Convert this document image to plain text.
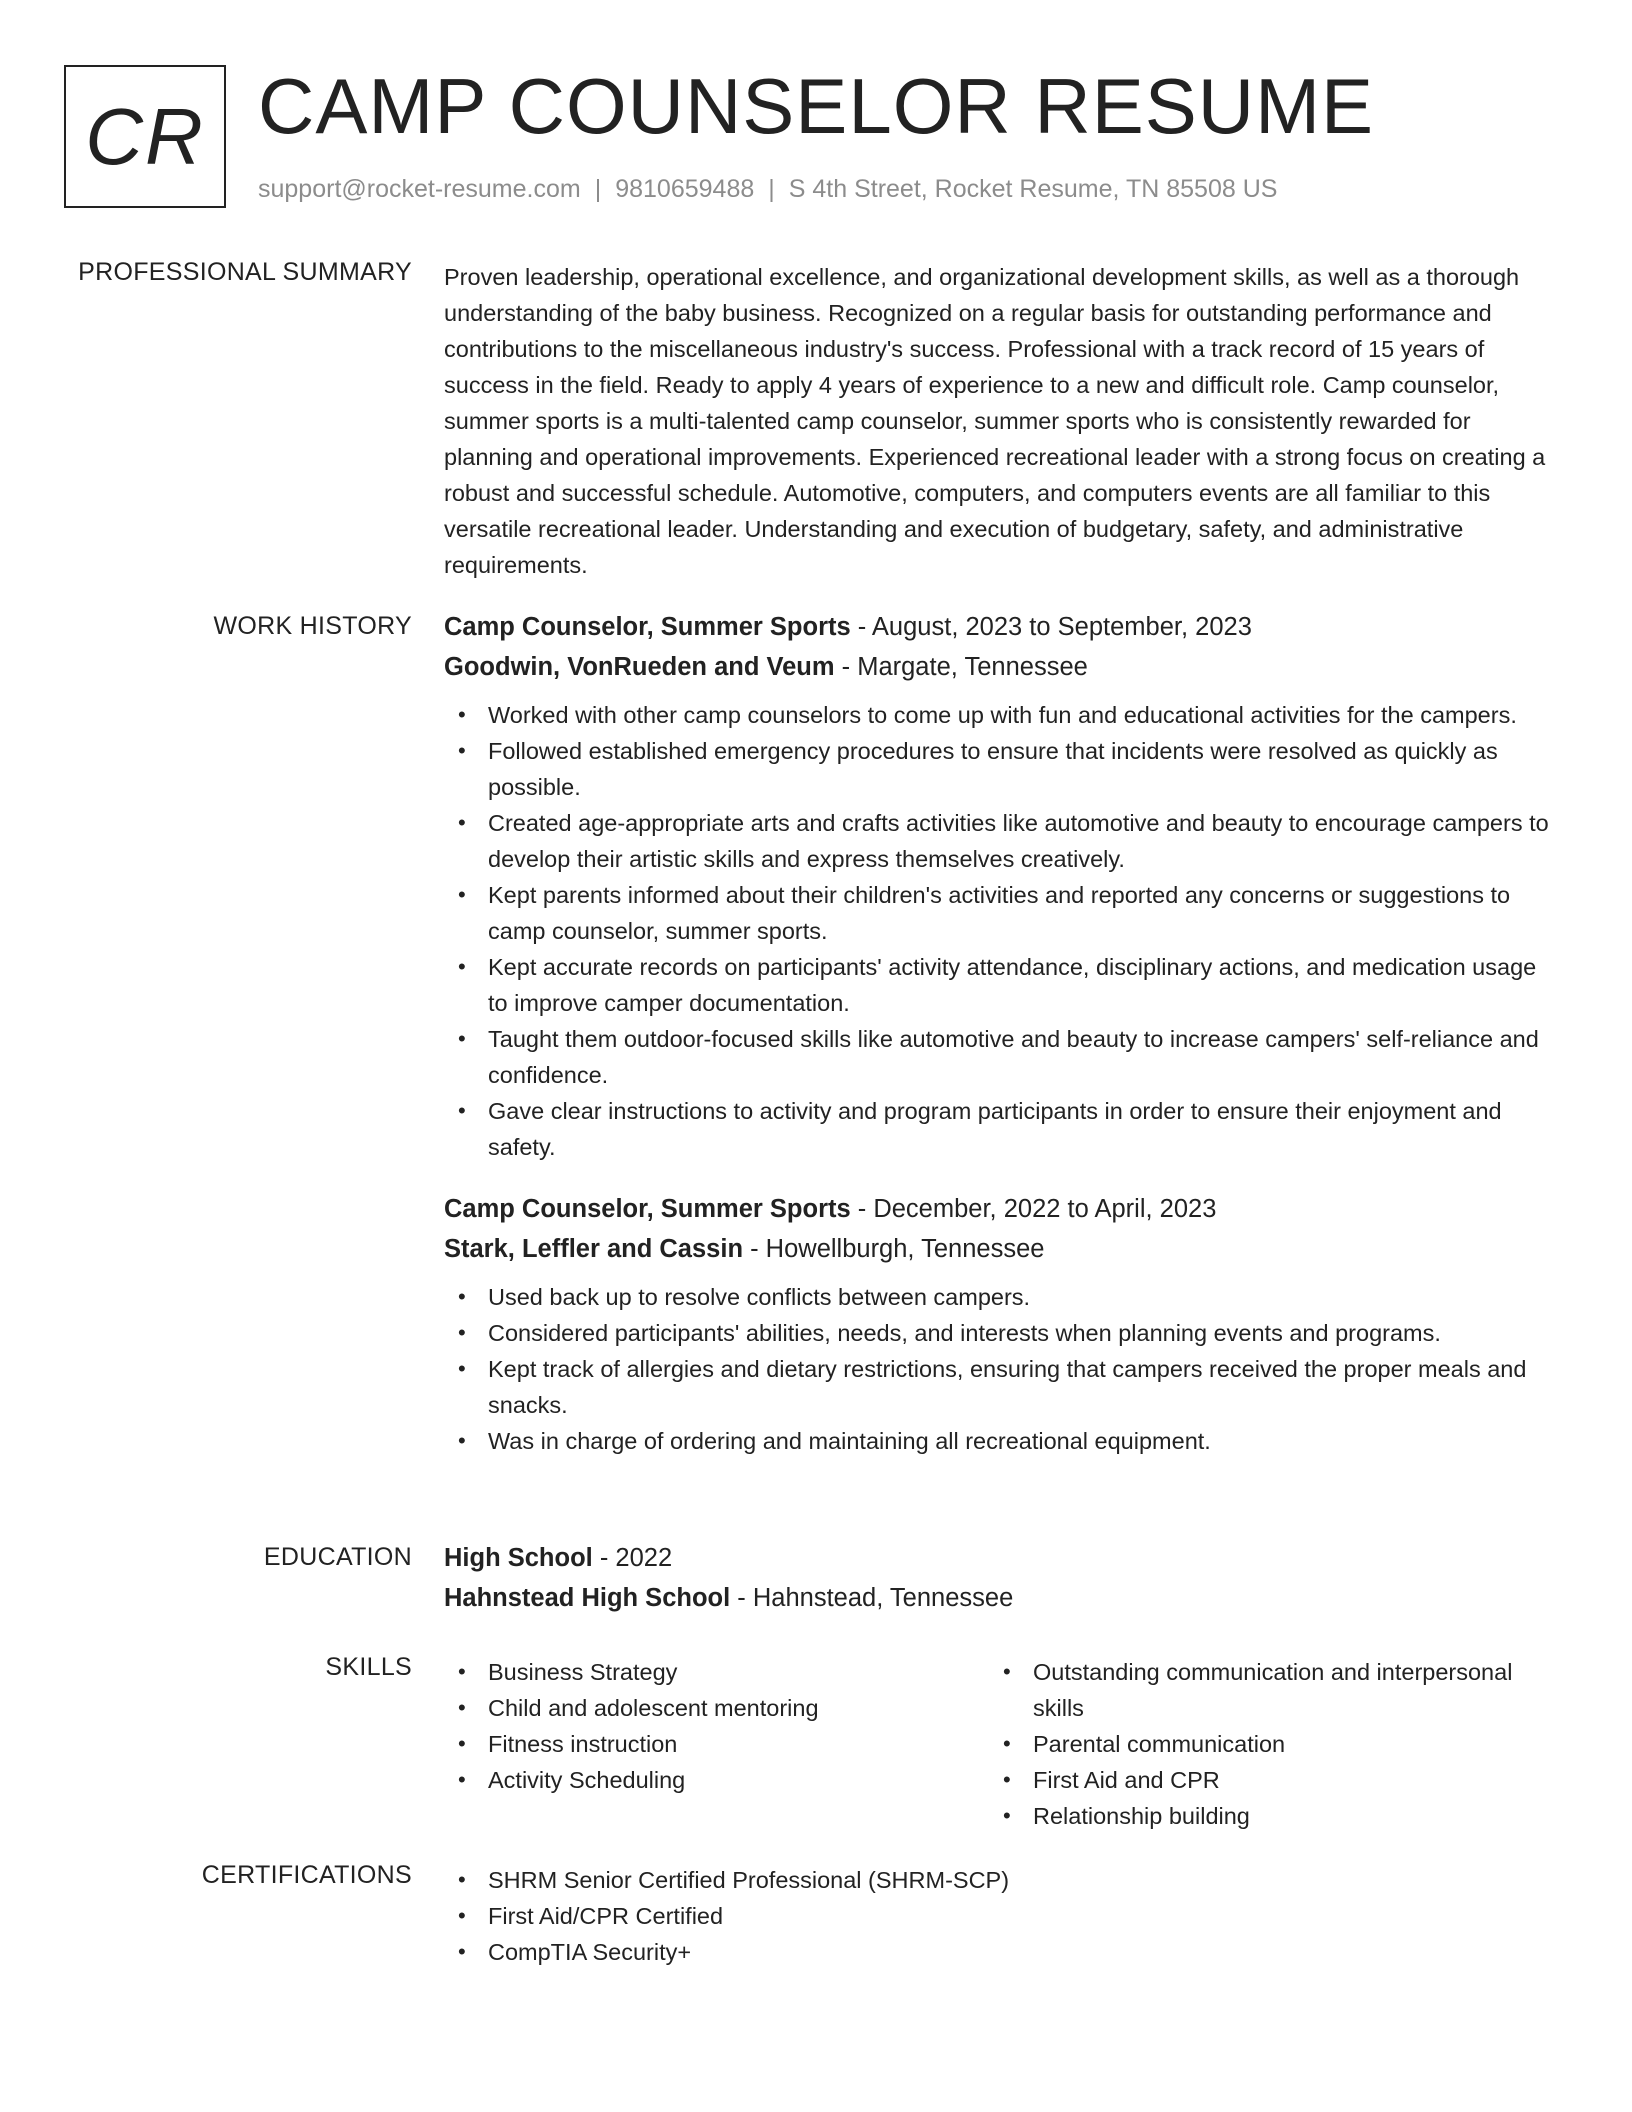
CR CAMP COUNSELOR RESUME
support@rocket-resume.com | 9810659488 | S 4th Street, Rocket Resume, TN 85508 US
PROFESSIONAL SUMMARY Proven leadership, operational excellence, and organizational development skills, as well as a thorough understanding of the baby business. Recognized on a regular basis for outstanding performance and contributions to the miscellaneous industry's success. Professional with a track record of 15 years of success in the field. Ready to apply 4 years of experience to a new and difficult role. Camp counselor, summer sports is a multi-talented camp counselor, summer sports who is consistently rewarded for planning and operational improvements. Experienced recreational leader with a strong focus on creating a robust and successful schedule. Automotive, computers, and computers events are all familiar to this versatile recreational leader. Understanding and execution of budgetary, safety, and administrative requirements.
WORK HISTORY Camp Counselor, Summer Sports - August, 2023 to September, 2023
Goodwin, VonRueden and Veum - Margate, Tennessee
• Worked with other camp counselors to come up with fun and educational activities for the campers.
• Followed established emergency procedures to ensure that incidents were resolved as quickly as possible.
• Created age-appropriate arts and crafts activities like automotive and beauty to encourage campers to develop their artistic skills and express themselves creatively.
• Kept parents informed about their children's activities and reported any concerns or suggestions to camp counselor, summer sports.
• Kept accurate records on participants' activity attendance, disciplinary actions, and medication usage to improve camper documentation.
• Taught them outdoor-focused skills like automotive and beauty to increase campers' self-reliance and confidence.
• Gave clear instructions to activity and program participants in order to ensure their enjoyment and safety.
Camp Counselor, Summer Sports - December, 2022 to April, 2023
Stark, Leffler and Cassin - Howellburgh, Tennessee
• Used back up to resolve conflicts between campers.
• Considered participants' abilities, needs, and interests when planning events and programs.
• Kept track of allergies and dietary restrictions, ensuring that campers received the proper meals and snacks.
• Was in charge of ordering and maintaining all recreational equipment.
EDUCATION High School - 2022
Hahnstead High School - Hahnstead, Tennessee
SKILLS	• Business Strategy
• Child and adolescent mentoring
• Fitness instruction
• Activity Scheduling
• Outstanding communication and interpersonal skills
• Parental communication
• First Aid and CPR
• Relationship building
CERTIFICATIONS	• SHRM Senior Certified Professional (SHRM-SCP)
• First Aid/CPR Certified
• CompTIA Security+
